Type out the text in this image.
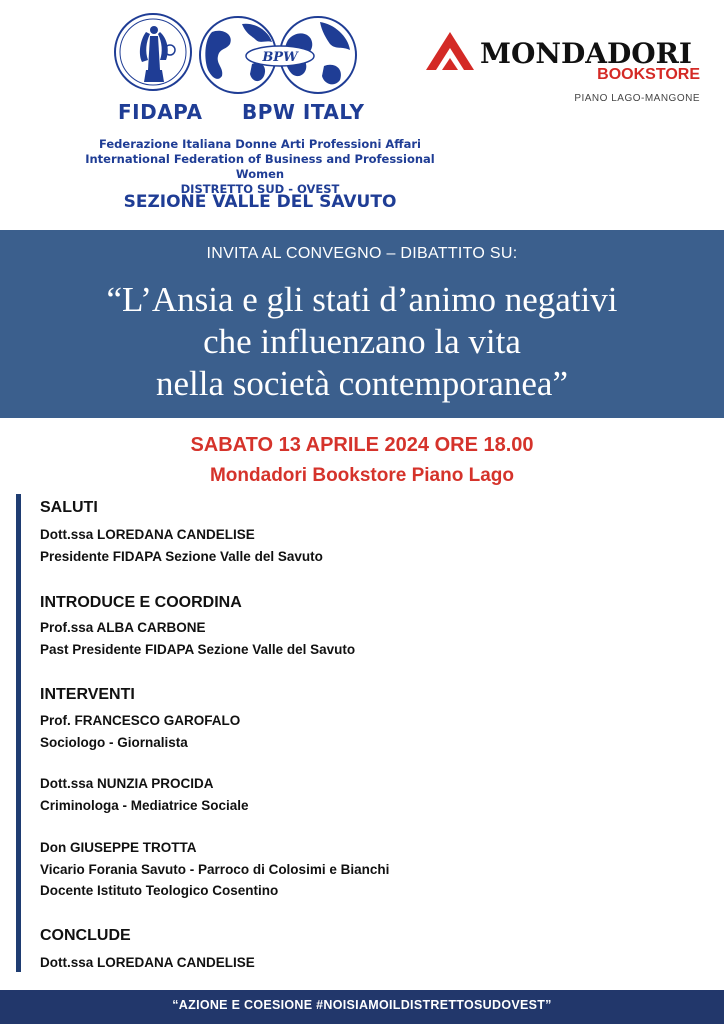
BPW
FIDAPA BPW ITALY
Federazione Italiana Donne Arti Professioni Affari
International Federation of Business and Professional Women
DISTRETTO SUD - OVEST
SEZIONE VALLE DEL SAVUTO
MONDADORI
BOOKSTORE
PIANO LAGO-MANGONE
INVITA AL CONVEGNO – DIBATTITO SU:
“L’Ansia e gli stati d’animo negativi
che influenzano la vita
nella società contemporanea”
SABATO 13 APRILE 2024 ORE 18.00
Mondadori Bookstore Piano Lago
SALUTI
Dott.ssa LOREDANA CANDELISE
Presidente FIDAPA Sezione Valle del Savuto
INTRODUCE E COORDINA
Prof.ssa ALBA CARBONE
Past Presidente FIDAPA Sezione Valle del Savuto
INTERVENTI
Prof. FRANCESCO GAROFALO
Sociologo - Giornalista
Dott.ssa NUNZIA PROCIDA
Criminologa - Mediatrice Sociale
Don GIUSEPPE TROTTA
Vicario Forania Savuto - Parroco di Colosimi e Bianchi
Docente Istituto Teologico Cosentino
CONCLUDE
Dott.ssa LOREDANA CANDELISE
“AZIONE E COESIONE #NOISIAMOILDISTRETTOSUDOVEST”
